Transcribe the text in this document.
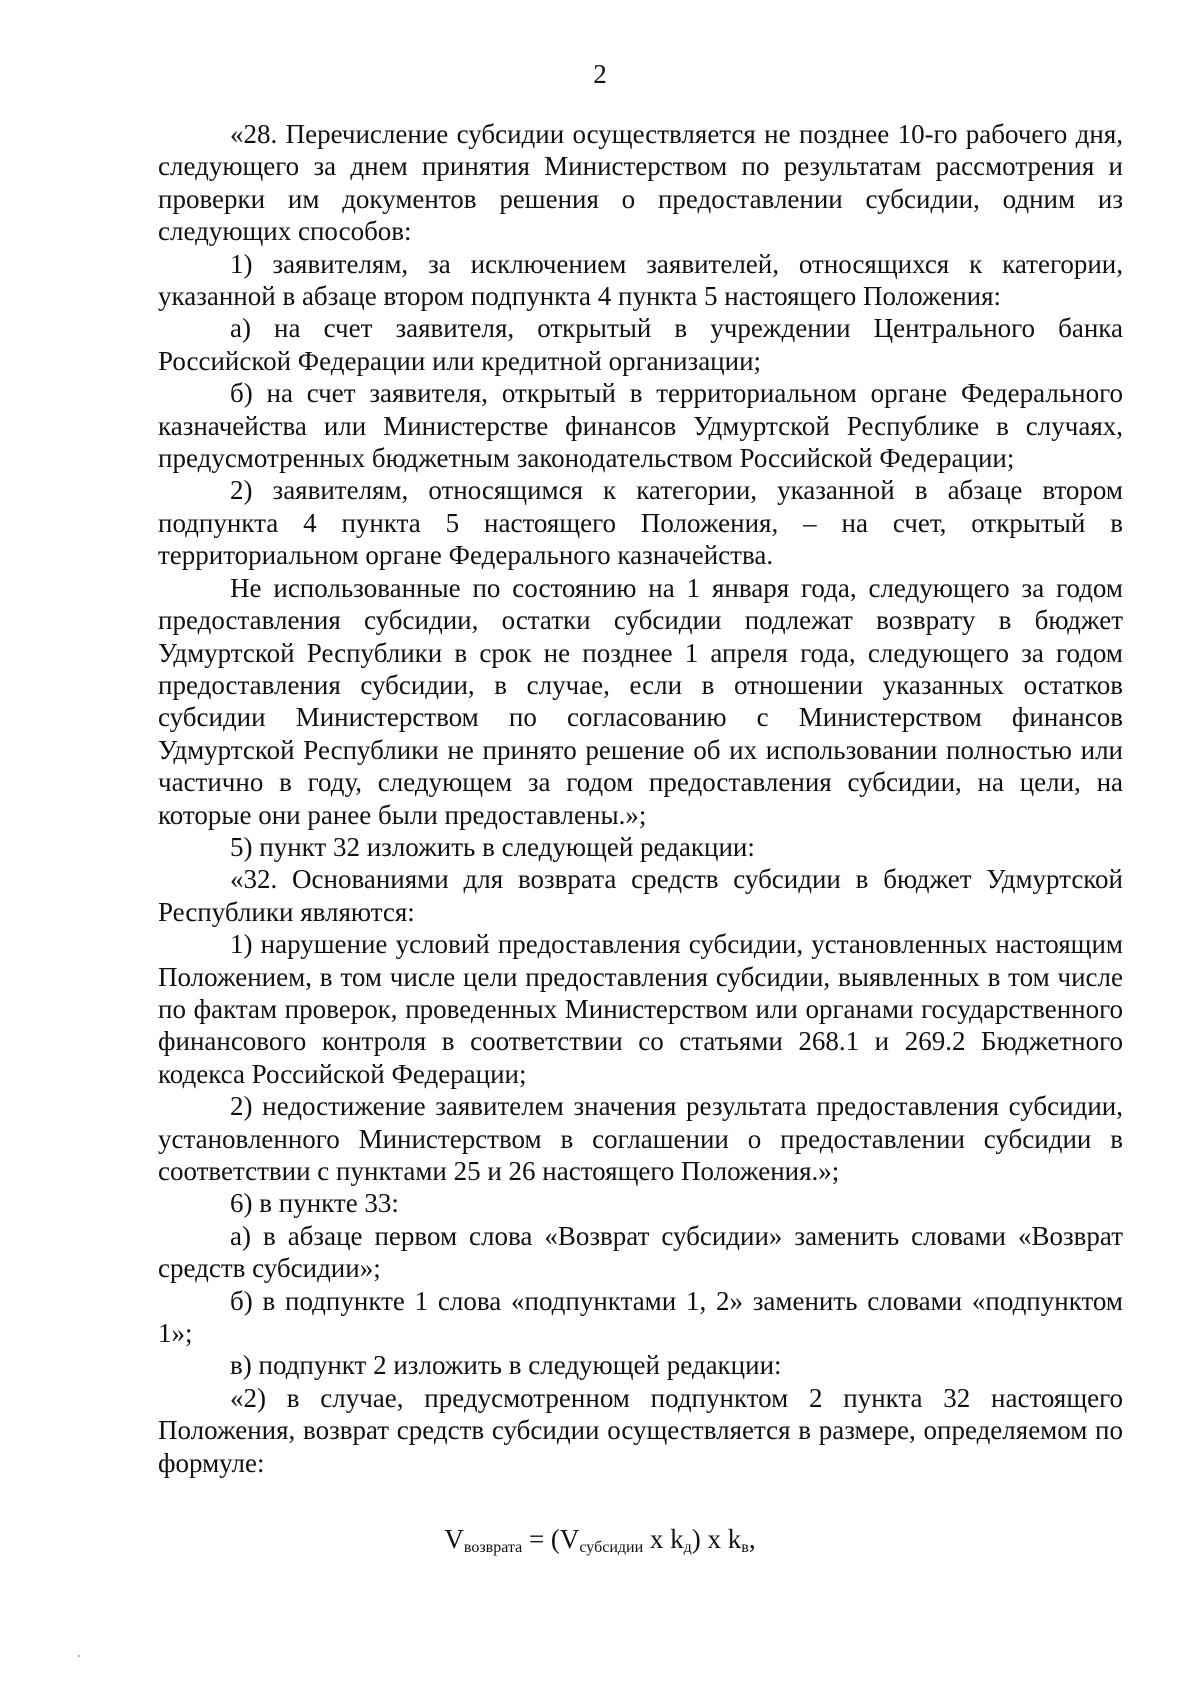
2

«28. Перечисление субсидии осуществляется не позднее 10-го рабочего дня, следующего за днем принятия Министерством по результатам рассмотрения и проверки им документов решения о предоставлении субсидии, одним из следующих способов:

1) заявителям, за исключением заявителей, относящихся к категории, указанной в абзаце втором подпункта 4 пункта 5 настоящего Положения:

а) на счет заявителя, открытый в учреждении Центрального банка Российской Федерации или кредитной организации;

б) на счет заявителя, открытый в территориальном органе Федерального казначейства или Министерстве финансов Удмуртской Республике в случаях, предусмотренных бюджетным законодательством Российской Федерации;

2) заявителям, относящимся к категории, указанной в абзаце втором подпункта 4 пункта 5 настоящего Положения, – на счет, открытый в территориальном органе Федерального казначейства.

Не использованные по состоянию на 1 января года, следующего за годом предоставления субсидии, остатки субсидии подлежат возврату в бюджет Удмуртской Республики в срок не позднее 1 апреля года, следующего за годом предоставления субсидии, в случае, если в отношении указанных остатков субсидии Министерством по согласованию с Министерством финансов Удмуртской Республики не принято решение об их использовании полностью или частично в году, следующем за годом предоставления субсидии, на цели, на которые они ранее были предоставлены.»;

5) пункт 32 изложить в следующей редакции:

«32. Основаниями для возврата средств субсидии в бюджет Удмуртской Республики являются:

1) нарушение условий предоставления субсидии, установленных настоящим Положением, в том числе цели предоставления субсидии, выявленных в том числе по фактам проверок, проведенных Министерством или органами государственного финансового контроля в соответствии со статьями 268.1 и 269.2 Бюджетного кодекса Российской Федерации;

2) недостижение заявителем значения результата предоставления субсидии, установленного Министерством в соглашении о предоставлении субсидии в соответствии с пунктами 25 и 26 настоящего Положения.»;

6) в пункте 33:

а) в абзаце первом слова «Возврат субсидии» заменить словами «Возврат средств субсидии»;

б) в подпункте 1 слова «подпунктами 1, 2» заменить словами «подпунктом 1»;

в) подпункт 2 изложить в следующей редакции:

«2) в случае, предусмотренном подпунктом 2 пункта 32 настоящего Положения, возврат средств субсидии осуществляется в размере, определяемом по формуле:

$V_{возврата} = (V_{субсидии}$ х $k_д$) х $k_в$,
